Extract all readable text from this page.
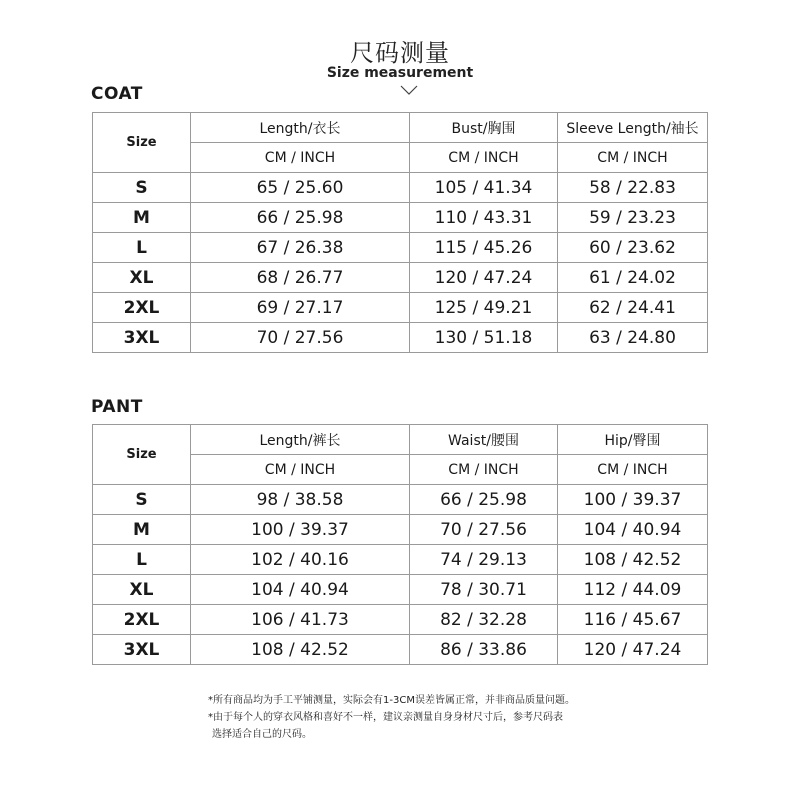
尺码测量
Size measurement
COAT
Size	Length/衣长	Bust/胸围	Sleeve Length/袖长
	CM / INCH	CM / INCH	CM / INCH
S	65 / 25.60	105 / 41.34	58 / 22.83
M	66 / 25.98	110 / 43.31	59 / 23.23
L	67 / 26.38	115 / 45.26	60 / 23.62
XL	68 / 26.77	120 / 47.24	61 / 24.02
2XL	69 / 27.17	125 / 49.21	62 / 24.41
3XL	70 / 27.56	130 / 51.18	63 / 24.80
PANT
Size	Length/裤长	Waist/腰围	Hip/臀围
	CM / INCH	CM / INCH	CM / INCH
S	98 / 38.58	66 / 25.98	100 / 39.37
M	100 / 39.37	70 / 27.56	104 / 40.94
L	102 / 40.16	74 / 29.13	108 / 42.52
XL	104 / 40.94	78 / 30.71	112 / 44.09
2XL	106 / 41.73	82 / 32.28	116 / 45.67
3XL	108 / 42.52	86 / 33.86	120 / 47.24
*所有商品均为手工平铺测量，实际会有1-3CM误差皆属正常，并非商品质量问题。
*由于每个人的穿衣风格和喜好不一样，建议亲测量自身身材尺寸后，参考尺码表
选择适合自己的尺码。
